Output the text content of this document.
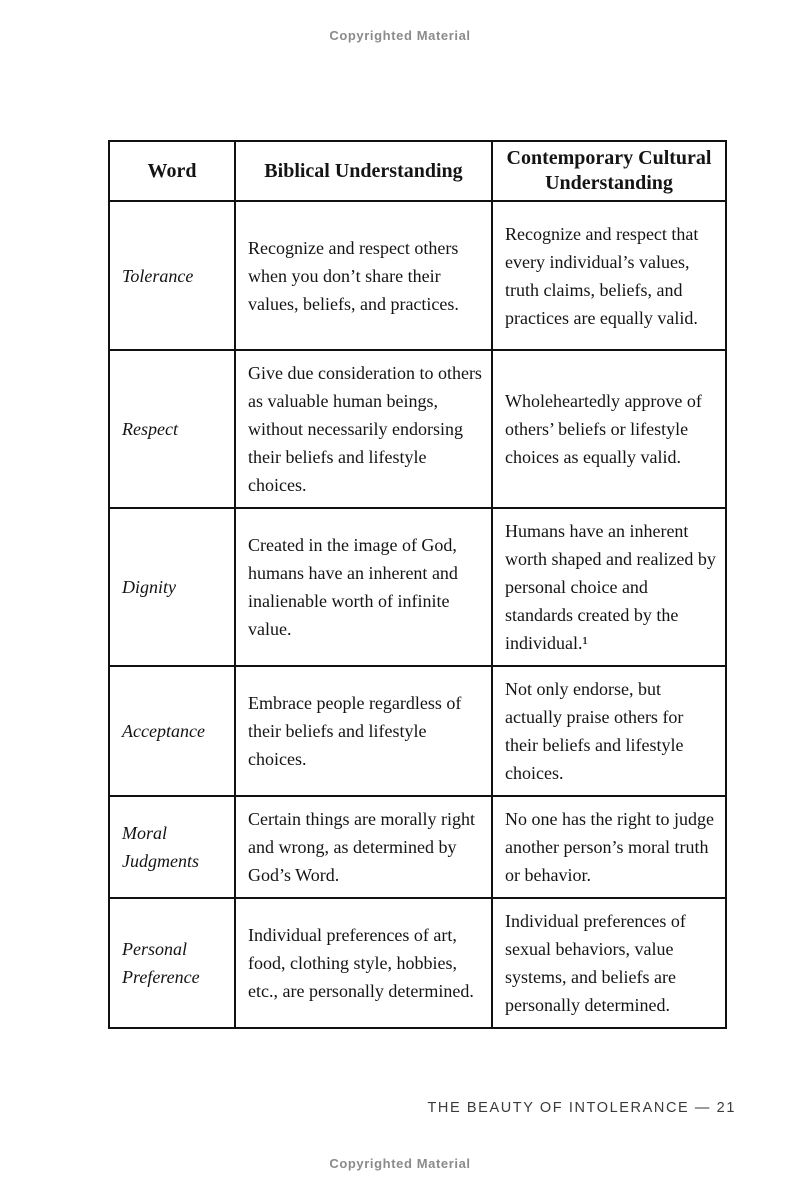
Copyrighted Material
Word	Biblical Understanding	Contemporary Cultural Understanding
Tolerance	Recognize and respect others when you don’t share their values, beliefs, and practices.	Recognize and respect that every individual’s values, truth claims, beliefs, and practices are equally valid.
Respect	Give due consideration to others as valuable human beings, without necessarily endorsing their beliefs and lifestyle choices.	Wholeheartedly approve of others’ beliefs or lifestyle choices as equally valid.
Dignity	Created in the image of God, humans have an inherent and inalienable worth of infinite value.	Humans have an inherent worth shaped and realized by personal choice and standards created by the individual.¹
Acceptance	Embrace people regardless of their beliefs and lifestyle choices.	Not only endorse, but actually praise others for their beliefs and lifestyle choices.
Moral Judgments	Certain things are morally right and wrong, as determined by God’s Word.	No one has the right to judge another person’s moral truth or behavior.
Personal Preference	Individual preferences of art, food, clothing style, hobbies, etc., are personally determined.	Individual preferences of sexual behaviors, value systems, and beliefs are personally determined.
THE BEAUTY OF INTOLERANCE — 21
Copyrighted Material
